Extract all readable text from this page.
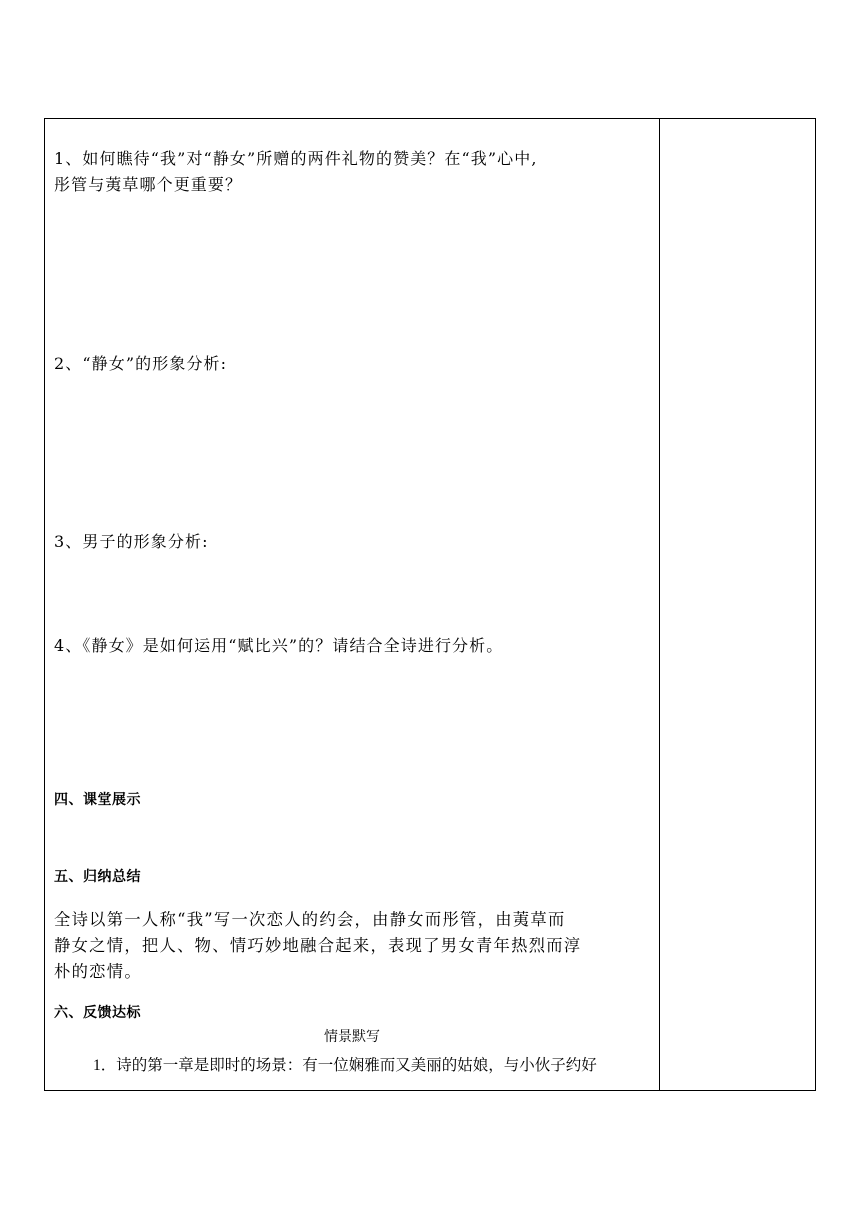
1、如何瞧待“我”对“静女”所赠的两件礼物的赞美？在“我”心中,
彤管与荑草哪个更重要？
2、“静女”的形象分析:
3、男子的形象分析:
4、《静女》是如何运用“赋比兴”的？请结合全诗进行分析。
四、课堂展示
五、归纳总结
全诗以第一人称“我”写一次恋人的约会，由静女而彤管，由荑草而
静女之情，把人、物、情巧妙地融合起来，表现了男女青年热烈而淳
朴的恋情。
六、反馈达标
情景默写
1．诗的第一章是即时的场景：有一位娴雅而又美丽的姑娘，与小伙子约好
